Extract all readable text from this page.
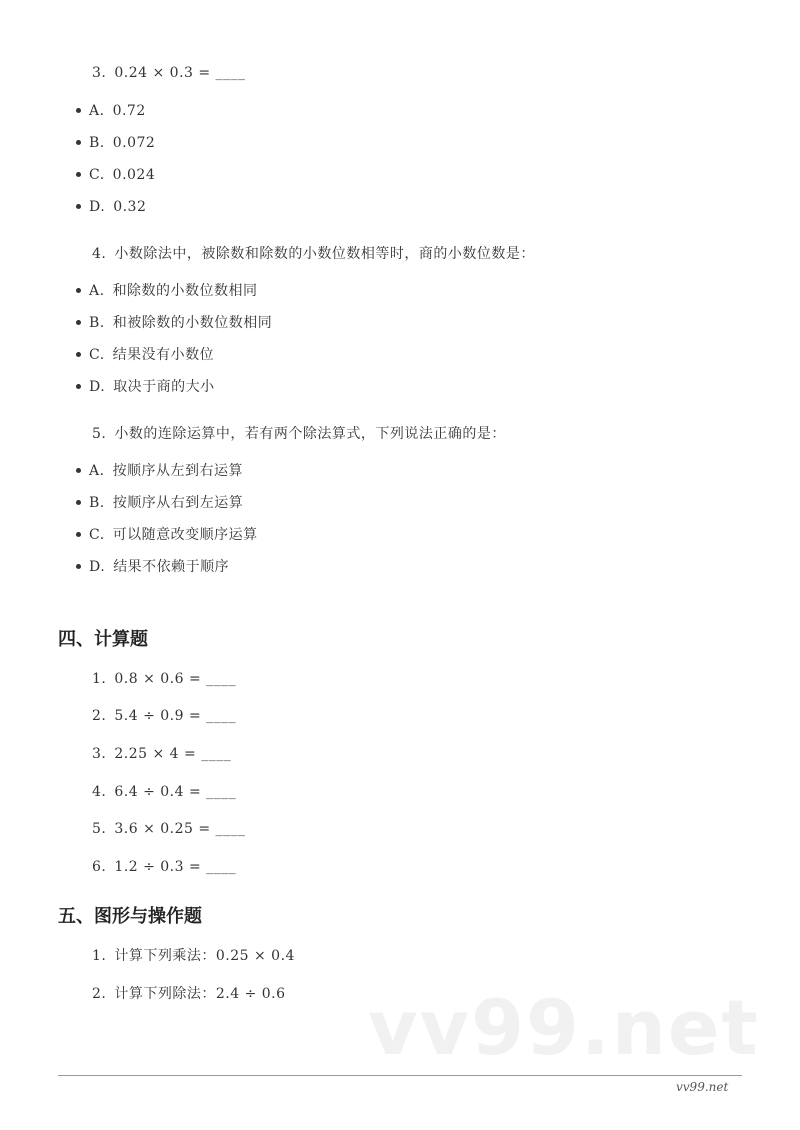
3. 0.24 × 0.3 = ____
A. 0.72
B. 0.072
C. 0.024
D. 0.32
4. 小数除法中，被除数和除数的小数位数相等时，商的小数位数是：
A. 和除数的小数位数相同
B. 和被除数的小数位数相同
C. 结果没有小数位
D. 取决于商的大小
5. 小数的连除运算中，若有两个除法算式，下列说法正确的是：
A. 按顺序从左到右运算
B. 按顺序从右到左运算
C. 可以随意改变顺序运算
D. 结果不依赖于顺序
四、计算题
1. 0.8 × 0.6 = ____
2. 5.4 ÷ 0.9 = ____
3. 2.25 × 4 = ____
4. 6.4 ÷ 0.4 = ____
5. 3.6 × 0.25 = ____
6. 1.2 ÷ 0.3 = ____
五、图形与操作题
1. 计算下列乘法：0.25 × 0.4
2. 计算下列除法：2.4 ÷ 0.6 vv99.net
vv99.net
